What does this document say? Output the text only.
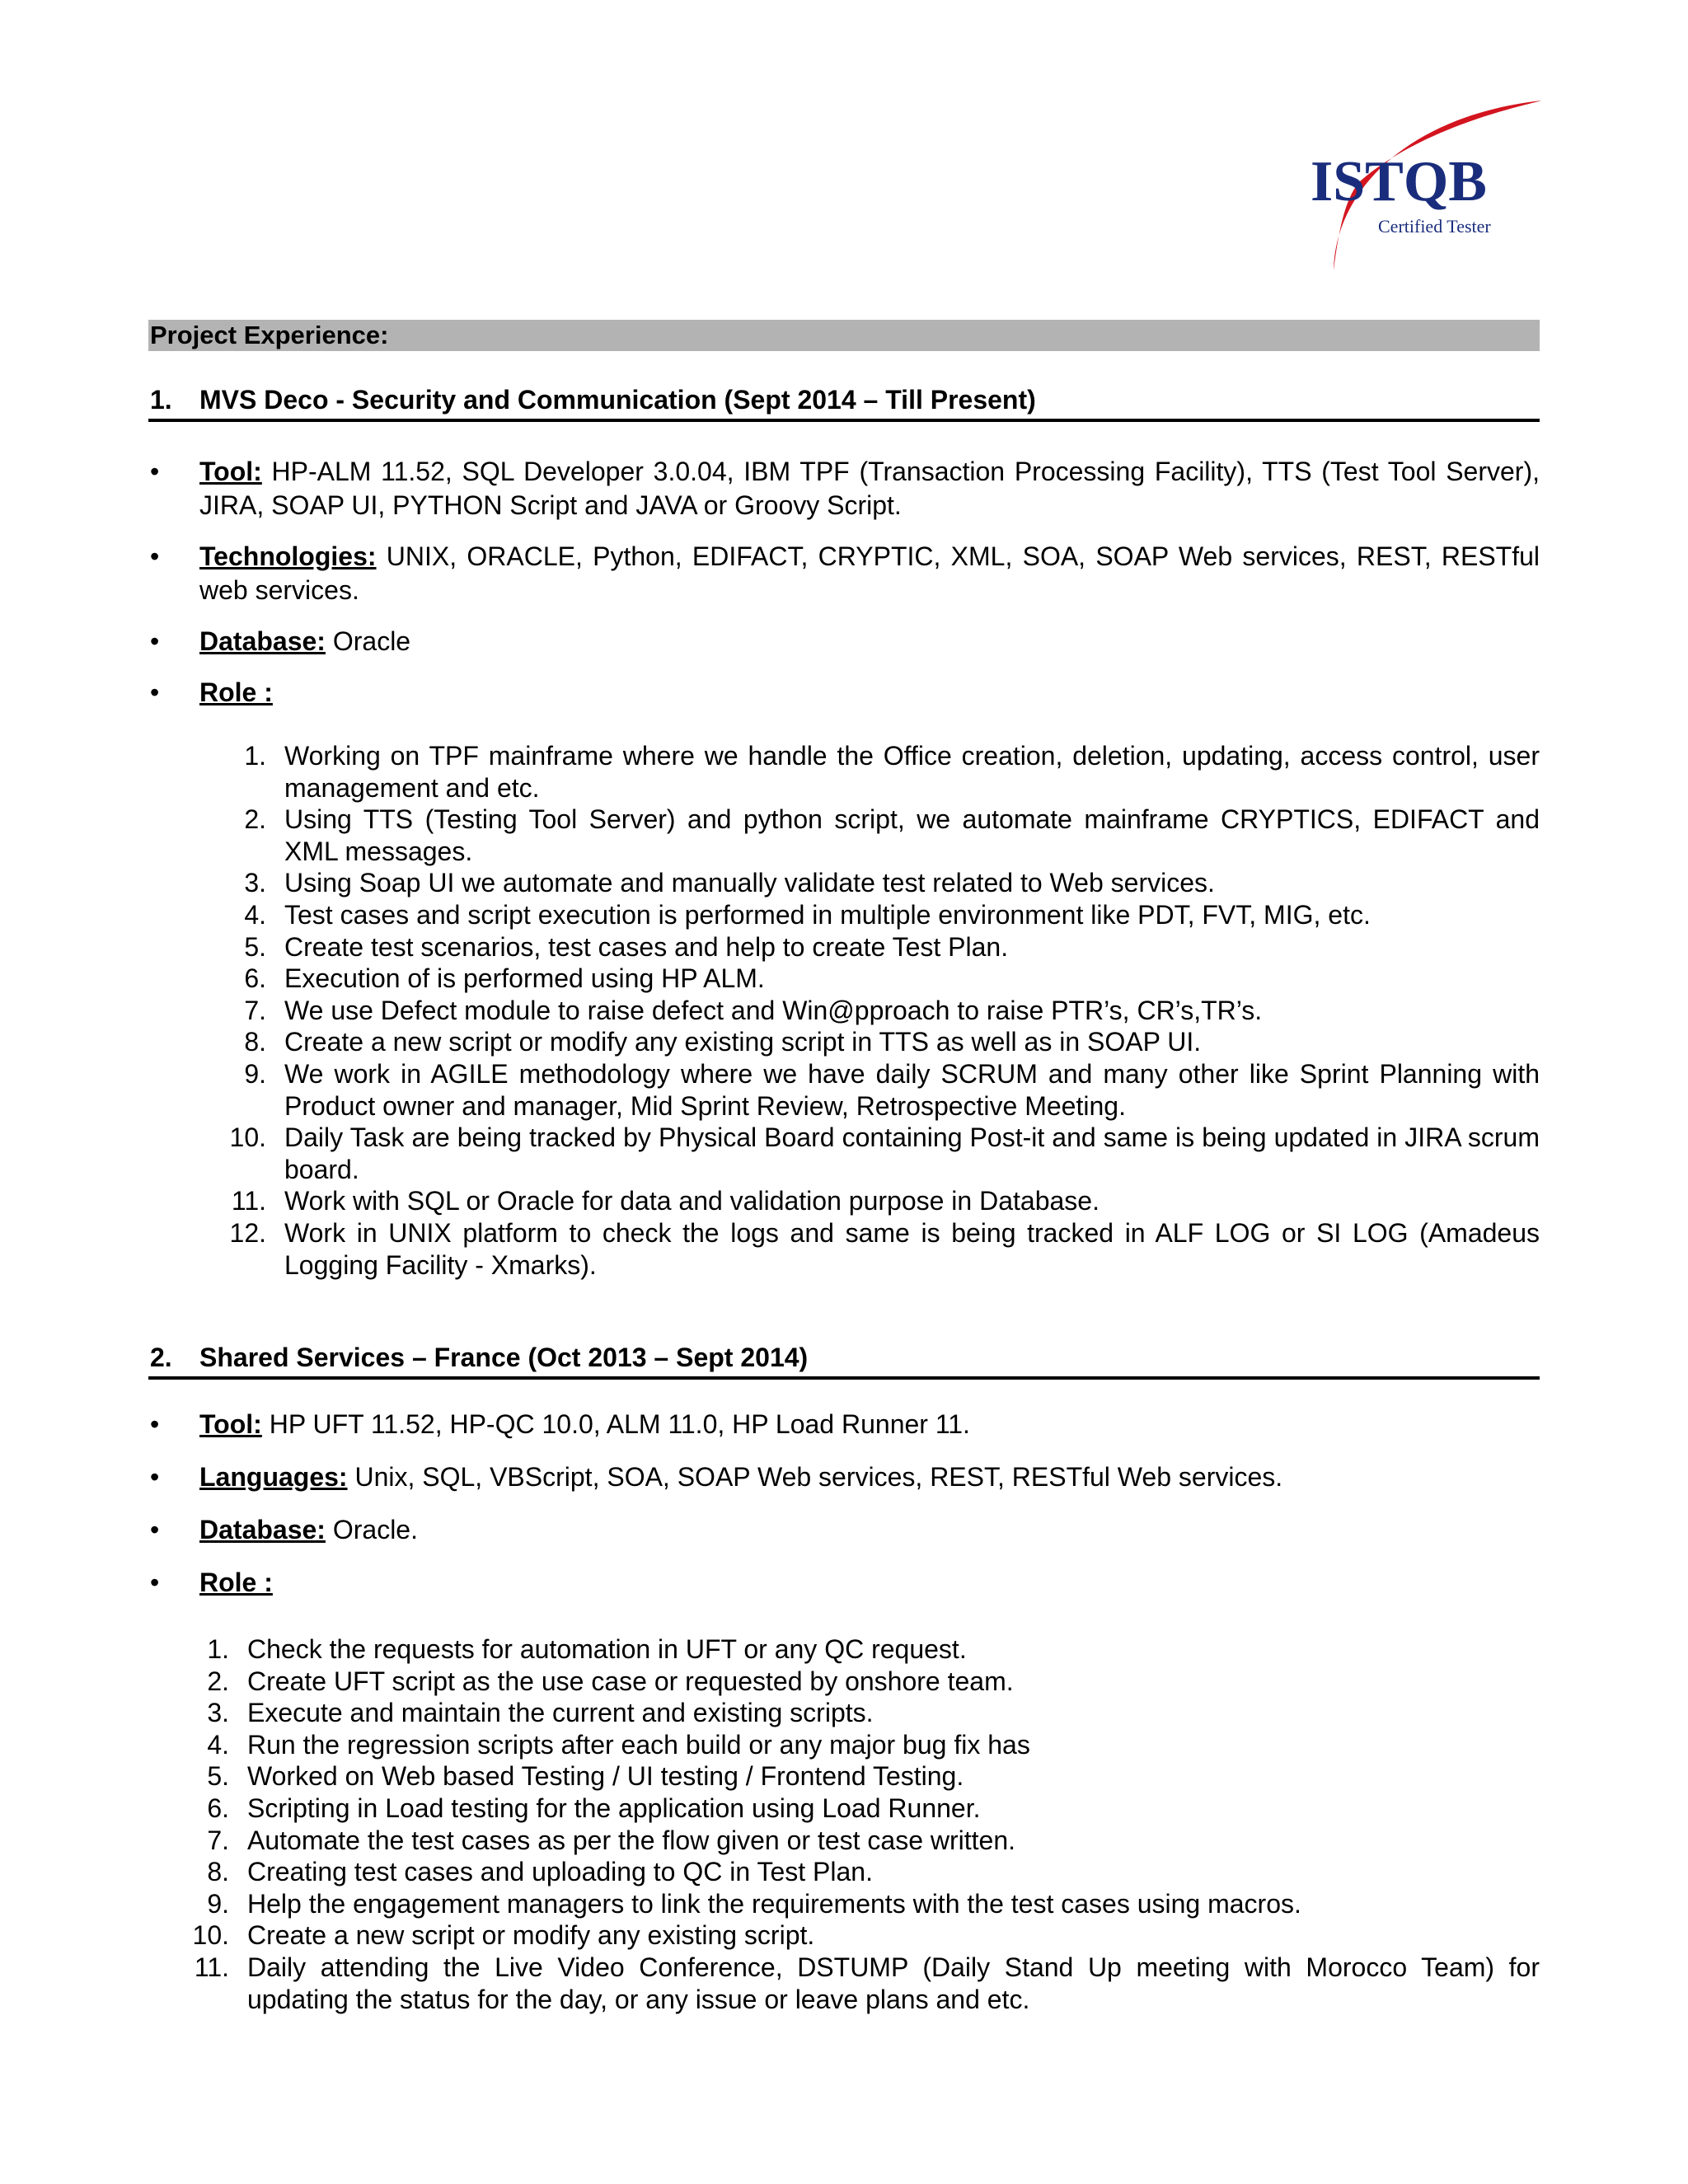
ISTQB
Certified Tester
Project Experience:
1. MVS Deco - Security and Communication (Sept 2014 – Till Present)
• Tool: HP-ALM 11.52, SQL Developer 3.0.04, IBM TPF (Transaction Processing Facility), TTS (Test Tool Server), JIRA, SOAP UI, PYTHON Script and JAVA or Groovy Script.
• Technologies: UNIX, ORACLE, Python, EDIFACT, CRYPTIC, XML, SOA, SOAP Web services, REST, RESTful web services.
• Database: Oracle
• Role :
1. Working on TPF mainframe where we handle the Office creation, deletion, updating, access control, user management and etc.
2. Using TTS (Testing Tool Server) and python script, we automate mainframe CRYPTICS, EDIFACT and XML messages.
3. Using Soap UI we automate and manually validate test related to Web services.
4. Test cases and script execution is performed in multiple environment like PDT, FVT, MIG, etc.
5. Create test scenarios, test cases and help to create Test Plan.
6. Execution of is performed using HP ALM.
7. We use Defect module to raise defect and Win@pproach to raise PTR’s, CR’s,TR’s.
8. Create a new script or modify any existing script in TTS as well as in SOAP UI.
9. We work in AGILE methodology where we have daily SCRUM and many other like Sprint Planning with Product owner and manager, Mid Sprint Review, Retrospective Meeting.
10. Daily Task are being tracked by Physical Board containing Post-it and same is being updated in JIRA scrum board.
11. Work with SQL or Oracle for data and validation purpose in Database.
12. Work in UNIX platform to check the logs and same is being tracked in ALF LOG or SI LOG (Amadeus Logging Facility - Xmarks).
2. Shared Services – France (Oct 2013 – Sept 2014)
• Tool: HP UFT 11.52, HP-QC 10.0, ALM 11.0, HP Load Runner 11.
• Languages: Unix, SQL, VBScript, SOA, SOAP Web services, REST, RESTful Web services.
• Database: Oracle.
• Role :
1. Check the requests for automation in UFT or any QC request.
2. Create UFT script as the use case or requested by onshore team.
3. Execute and maintain the current and existing scripts.
4. Run the regression scripts after each build or any major bug fix has
5. Worked on Web based Testing / UI testing / Frontend Testing.
6. Scripting in Load testing for the application using Load Runner.
7. Automate the test cases as per the flow given or test case written.
8. Creating test cases and uploading to QC in Test Plan.
9. Help the engagement managers to link the requirements with the test cases using macros.
10. Create a new script or modify any existing script.
11. Daily attending the Live Video Conference, DSTUMP (Daily Stand Up meeting with Morocco Team) for updating the status for the day, or any issue or leave plans and etc.
